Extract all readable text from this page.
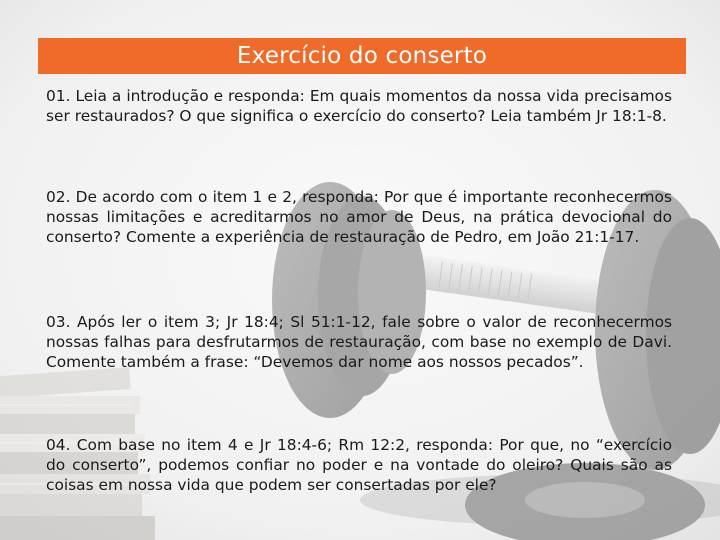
Exercício do conserto

01. Leia a introdução e responda: Em quais momentos da nossa vida precisamos ser restaurados? O que significa o exercício do conserto? Leia também Jr 18:1-8.

02. De acordo com o item 1 e 2, responda: Por que é importante reconhecermos nossas limitações e acreditarmos no amor de Deus, na prática devocional do conserto? Comente a experiência de restauração de Pedro, em João 21:1-17.

03. Após ler o item 3; Jr 18:4; Sl 51:1-12, fale sobre o valor de reconhecermos nossas falhas para desfrutarmos de restauração, com base no exemplo de Davi. Comente também a frase: “Devemos dar nome aos nossos pecados”.

04. Com base no item 4 e Jr 18:4-6; Rm 12:2, responda: Por que, no “exercício do conserto”, podemos confiar no poder e na vontade do oleiro? Quais são as coisas em nossa vida que podem ser consertadas por ele?
